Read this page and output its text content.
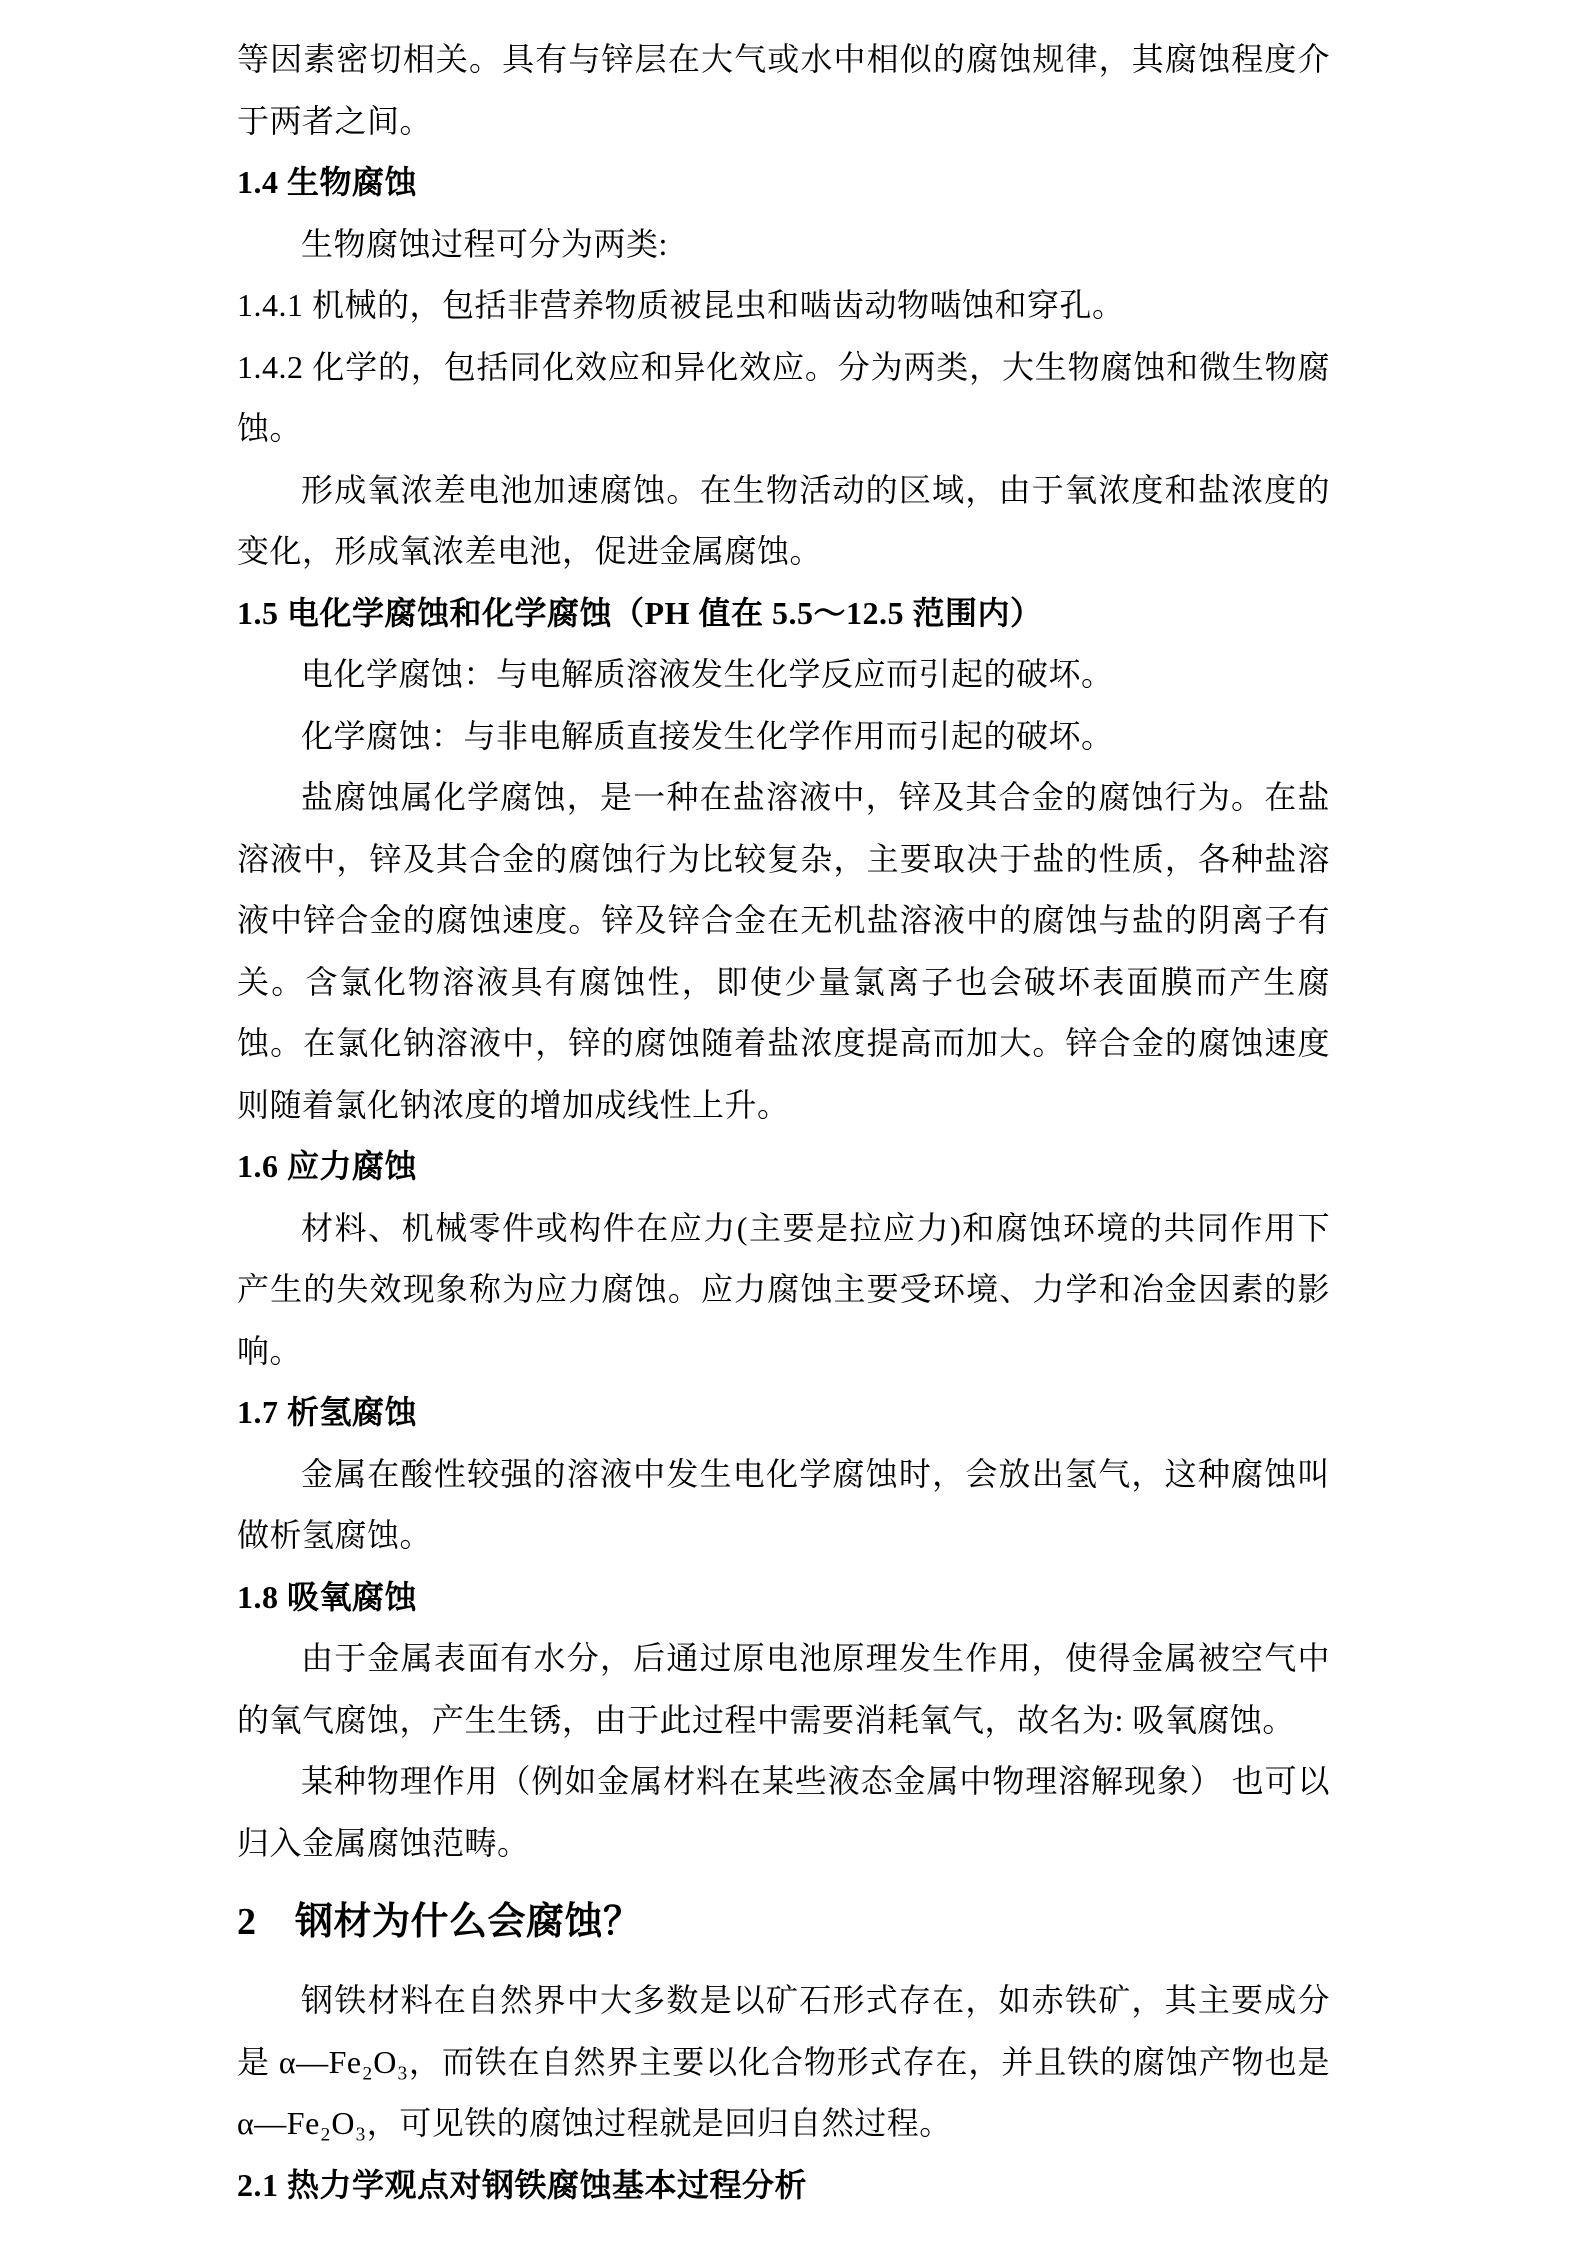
等因素密切相关。具有与锌层在大气或水中相似的腐蚀规律，其腐蚀程度介于两者之间。

1.4 生物腐蚀

生物腐蚀过程可分为两类:

1.4.1 机械的，包括非营养物质被昆虫和啮齿动物啮蚀和穿孔。

1.4.2 化学的，包括同化效应和异化效应。分为两类，大生物腐蚀和微生物腐蚀。

形成氧浓差电池加速腐蚀。在生物活动的区域，由于氧浓度和盐浓度的变化，形成氧浓差电池，促进金属腐蚀。

1.5 电化学腐蚀和化学腐蚀（PH 值在 5.5～12.5 范围内）

电化学腐蚀：与电解质溶液发生化学反应而引起的破坏。

化学腐蚀：与非电解质直接发生化学作用而引起的破坏。

盐腐蚀属化学腐蚀，是一种在盐溶液中，锌及其合金的腐蚀行为。在盐溶液中，锌及其合金的腐蚀行为比较复杂，主要取决于盐的性质，各种盐溶液中锌合金的腐蚀速度。锌及锌合金在无机盐溶液中的腐蚀与盐的阴离子有关。含氯化物溶液具有腐蚀性，即使少量氯离子也会破坏表面膜而产生腐蚀。在氯化钠溶液中，锌的腐蚀随着盐浓度提高而加大。锌合金的腐蚀速度则随着氯化钠浓度的增加成线性上升。

1.6 应力腐蚀

材料、机械零件或构件在应力(主要是拉应力)和腐蚀环境的共同作用下产生的失效现象称为应力腐蚀。应力腐蚀主要受环境、力学和冶金因素的影响。

1.7 析氢腐蚀

金属在酸性较强的溶液中发生电化学腐蚀时，会放出氢气，这种腐蚀叫做析氢腐蚀。

1.8 吸氧腐蚀

由于金属表面有水分，后通过原电池原理发生作用，使得金属被空气中的氧气腐蚀，产生生锈，由于此过程中需要消耗氧气，故名为: 吸氧腐蚀。

某种物理作用（例如金属材料在某些液态金属中物理溶解现象） 也可以归入金属腐蚀范畴。

2　钢材为什么会腐蚀？

钢铁材料在自然界中大多数是以矿石形式存在，如赤铁矿，其主要成分是 α—Fe₂O₃，而铁在自然界主要以化合物形式存在，并且铁的腐蚀产物也是 α—Fe₂O₃，可见铁的腐蚀过程就是回归自然过程。

2.1 热力学观点对钢铁腐蚀基本过程分析
